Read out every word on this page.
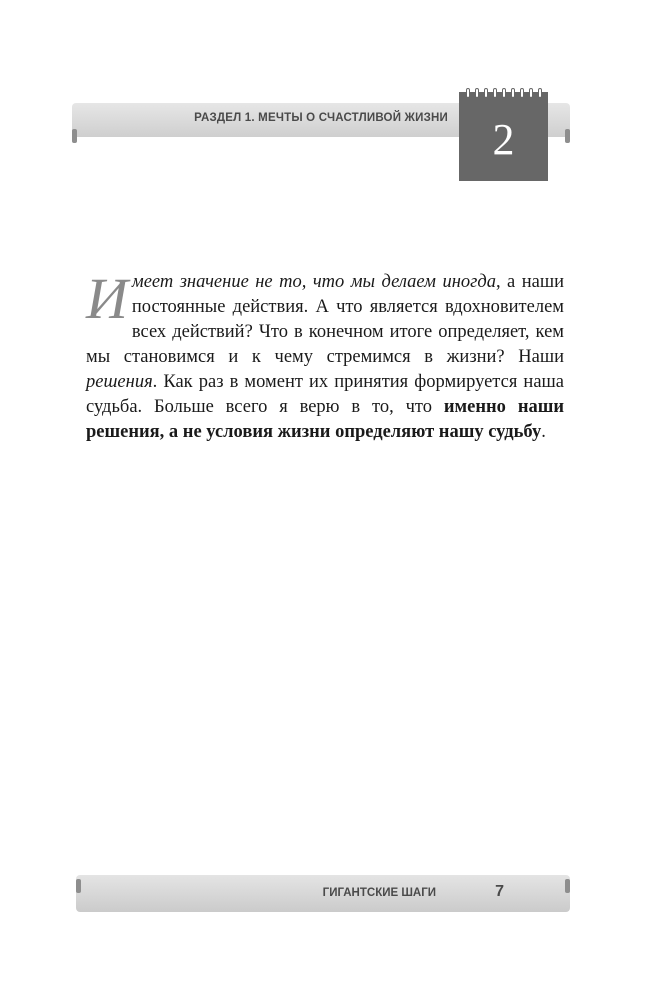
РАЗДЕЛ 1. МЕЧТЫ О СЧАСТЛИВОЙ ЖИЗНИ 2
Имеет значение не то, что мы делаем иногда, а наши постоянные действия. А что является вдохновителем всех действий? Что в конечном итоге определяет, кем мы становимся и к чему стремимся в жизни? Наши решения. Как раз в момент их принятия формируется наша судьба. Больше всего я верю в то, что именно наши решения, а не условия жизни определяют нашу судьбу.
ГИГАНТСКИЕ ШАГИ	7
